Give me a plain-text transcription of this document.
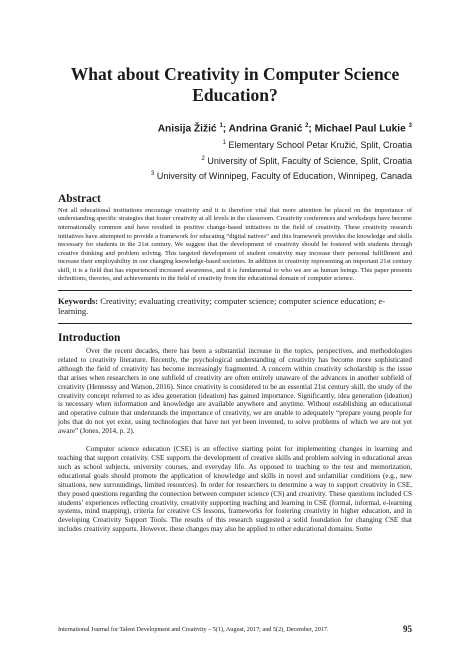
What about Creativity in Computer Science Education?
Anisija Žižić $^1$; Andrina Granić $^2$; Michael Paul Lukie $^3$
$^1$ Elementary School Petar Kružić, Split, Croatia
$^2$ University of Split, Faculty of Science, Split, Croatia
$^3$ University of Winnipeg, Faculty of Education, Winnipeg, Canada
Abstract

Not all educational institutions encourage creativity and it is therefore vital that more attention be placed on the importance of understanding specific strategies that foster creativity at all levels in the classroom. Creativity conferences and workshops have become internationally common and have resulted in positive change-based initiatives in the field of creativity. These creativity research initiatives have attempted to provide a framework for educating “digital natives” and this framework provides the knowledge and skills necessary for students in the 21st century. We suggest that the development of creativity should be fostered with students through creative thinking and problem solving. This targeted development of student creativity may increase their personal fulfillment and increase their employability in our changing knowledge-based societies. In addition to creativity representing an important 21st century skill, it is a field that has experienced increased awareness, and it is fundamental to who we are as human beings. This paper presents definitions, theories, and achievements in the field of creativity from the educational domain of computer science.

Keywords: Creativity; evaluating creativity; computer science; computer science education; e-learning.

Introduction

Over the recent decades, there has been a substantial increase in the topics, perspectives, and methodologies related to creativity literature. Recently, the psychological understanding of creativity has become more sophisticated although the field of creativity has become increasingly fragmented. A concern within creativity scholarship is the issue that arises when researchers in one subfield of creativity are often entirely unaware of the advances in another subfield of creativity (Hennessy and Watson, 2016). Since creativity is considered to be an essential 21st century skill, the study of the creativity concept referred to as idea generation (ideation) has gained importance. Significantly, idea generation (ideation) is necessary when information and knowledge are available anywhere and anytime. Without establishing an educational and operative culture that understands the importance of creativity, we are unable to adequately “prepare young people for jobs that do not yet exist, using technologies that have not yet been invented, to solve problems of which we are not yet aware” (Jones, 2014, p. 2).

Computer science education (CSE) is an effective starting point for implementing changes in learning and teaching that support creativity. CSE supports the development of creative skills and problem solving in educational areas such as school subjects, university courses, and everyday life. As opposed to teaching to the test and memorization, educational goals should promote the application of knowledge and skills in novel and unfamiliar conditions (e.g., new situations, new surroundings, limited resources). In order for researchers to determine a way to support creativity in CSE, they posed questions regarding the connection between computer science (CS) and creativity. These questions included CS students’ experiences reflecting creativity, creativity supporting teaching and learning in CSE (formal, informal, e-learning systems, mind mapping), criteria for creative CS lessons, frameworks for fostering creativity in higher education, and in developing Creativity Support Tools. The results of this research suggested a solid foundation for changing CSE that includes creativity supports. However, these changes may also be applied to other educational domains. Some

International Journal for Talent Development and Creativity – 5(1), August, 2017; and 5(2), December, 2017.	95
